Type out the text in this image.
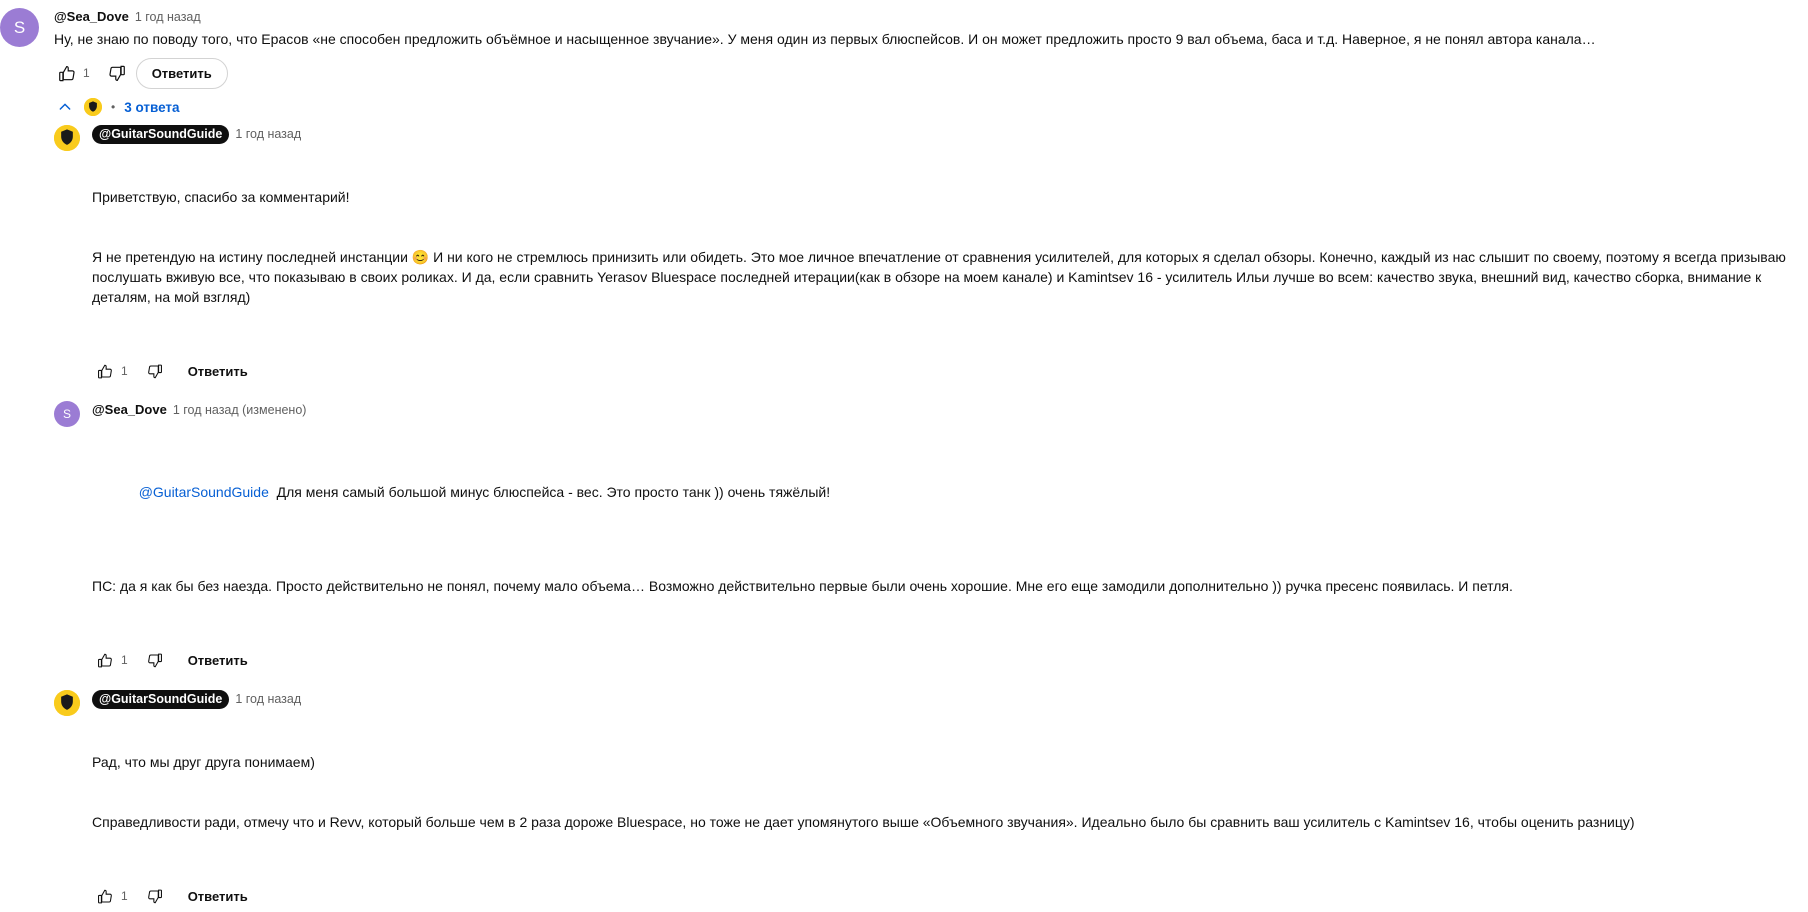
S
@Sea_Dove 1 год назад
Ну, не знаю по поводу того, что Ерасов «не способен предложить объёмное и насыщенное звучание». У меня один из первых блюспейсов. И он может предложить просто 9 вал объема, баса и т.д. Наверное, я не понял автора канала…
1	Ответить
• 3 ответа
@GuitarSoundGuide	1 год назад

Приветствую, спасибо за комментарий!

Я не претендую на истину последней инстанции 😊 И ни кого не стремлюсь принизить или обидеть. Это мое личное впечатление от сравнения усилителей, для которых я сделал обзоры. Конечно, каждый из нас слышит по своему, поэтому я всегда призываю послушать вживую все, что показываю в своих роликах. И да, если сравнить Yerasov Bluespace последней итерации(как в обзоре на моем канале) и Kamintsev 16 - усилитель Ильи лучше во всем: качество звука, внешний вид, качество сборка, внимание к деталям, на мой взгляд)

1	Ответить
S @Sea_Dove 1 год назад (изменено)

@GuitarSoundGuide  Для меня самый большой минус блюспейса - вес. Это просто танк )) очень тяжёлый!

ПС: да я как бы без наезда. Просто действительно не понял, почему мало объема… Возможно действительно первые были очень хорошие. Мне его еще замодили дополнительно )) ручка пресенс появилась. И петля.

1	Ответить
@GuitarSoundGuide	1 год назад

Рад, что мы друг друга понимаем)

Справедливости ради, отмечу что и Revv, который больше чем в 2 раза дороже Bluespace, но тоже не дает упомянутого выше «Объемного звучания». Идеально было бы сравнить ваш усилитель с Kamintsev 16, чтобы оценить разницу)

1	Ответить
